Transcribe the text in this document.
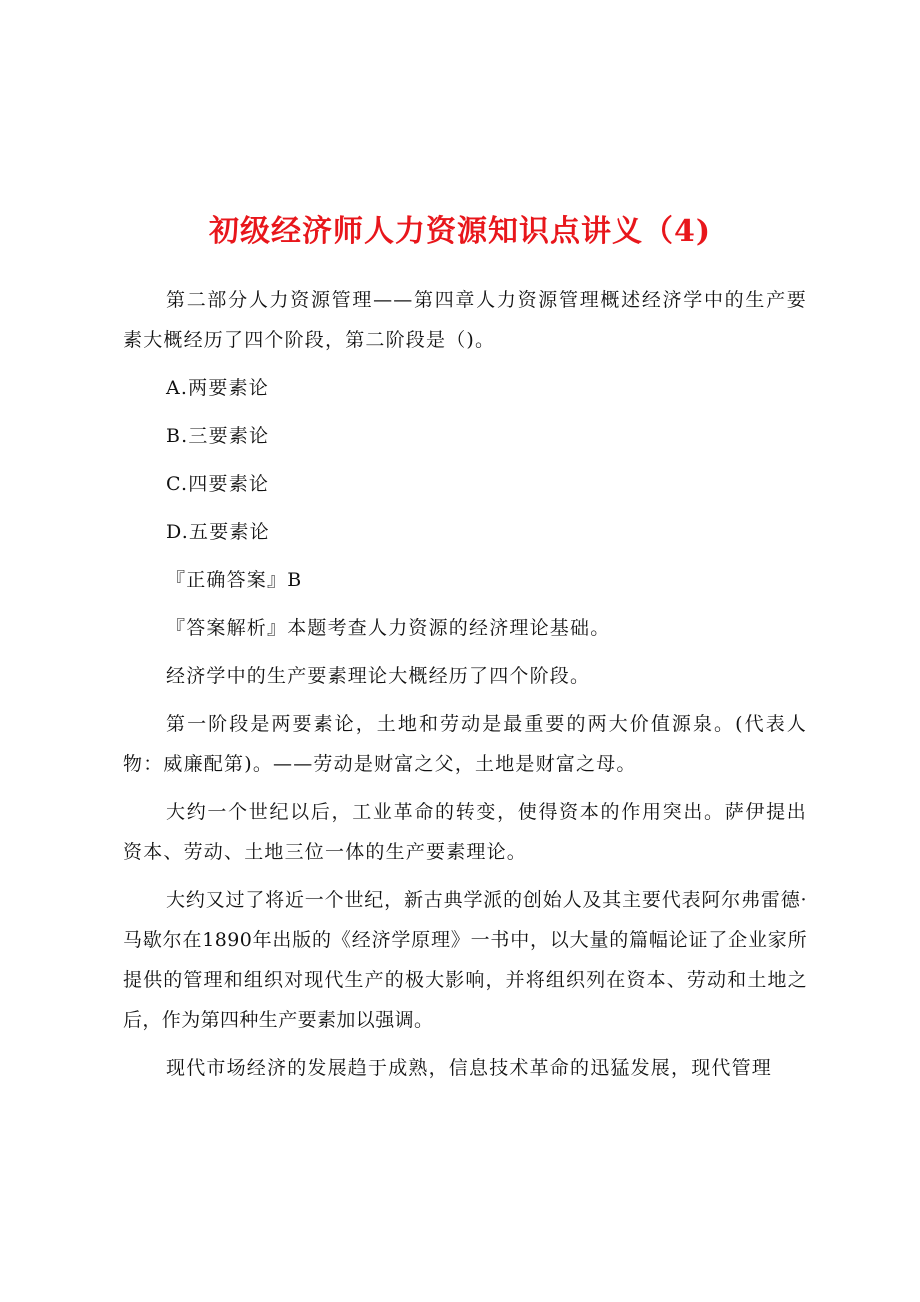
初级经济师人力资源知识点讲义（4)

第二部分人力资源管理——第四章人力资源管理概述经济学中的生产要素大概经历了四个阶段，第二阶段是（)。

A.两要素论

B.三要素论

C.四要素论

D.五要素论

『正确答案』B

『答案解析』本题考查人力资源的经济理论基础。

经济学中的生产要素理论大概经历了四个阶段。

第一阶段是两要素论，土地和劳动是最重要的两大价值源泉。(代表人物：威廉配第)。——劳动是财富之父，土地是财富之母。

大约一个世纪以后，工业革命的转变，使得资本的作用突出。萨伊提出资本、劳动、土地三位一体的生产要素理论。

大约又过了将近一个世纪，新古典学派的创始人及其主要代表阿尔弗雷德·马歇尔在1890年出版的《经济学原理》一书中，以大量的篇幅论证了企业家所提供的管理和组织对现代生产的极大影响，并将组织列在资本、劳动和土地之后，作为第四种生产要素加以强调。

现代市场经济的发展趋于成熟，信息技术革命的迅猛发展，现代管理
